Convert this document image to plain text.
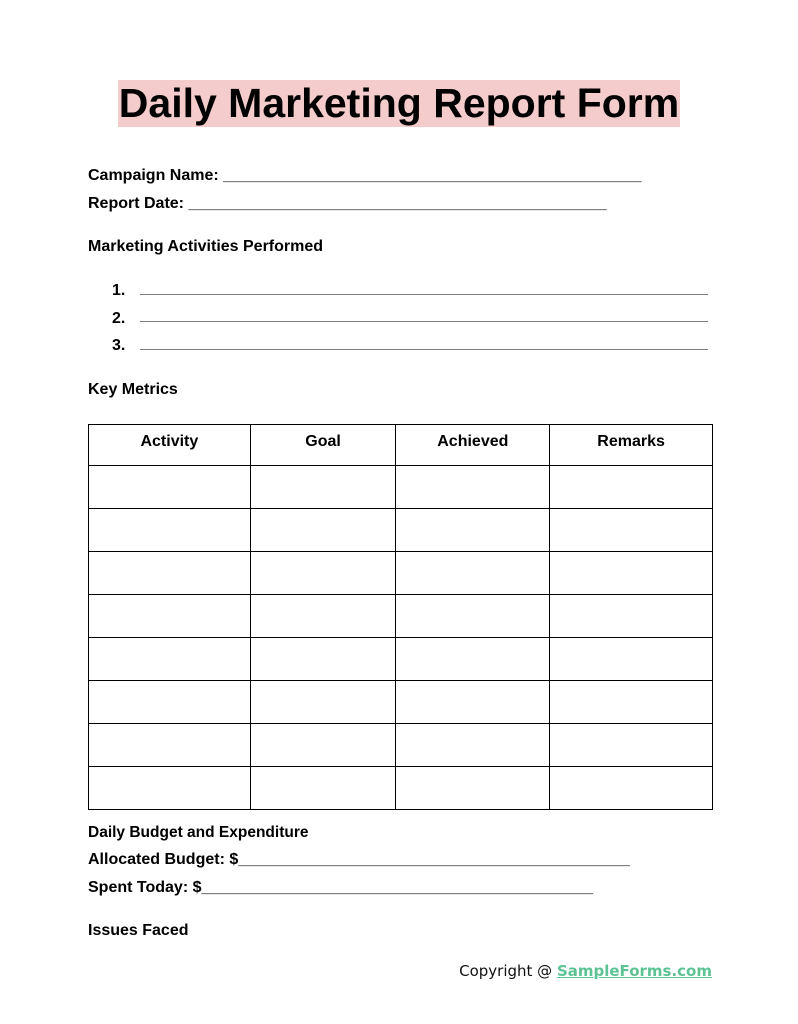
Daily Marketing Report Form
Campaign Name: _______________________________________________
Report Date: _______________________________________________
Marketing Activities Performed
1.
2.
3.
Key Metrics
Activity	Goal	Achieved	Remarks

Daily Budget and Expenditure
Allocated Budget: $____________________________________________
Spent Today: $____________________________________________
Issues Faced
Copyright @ SampleForms.com
